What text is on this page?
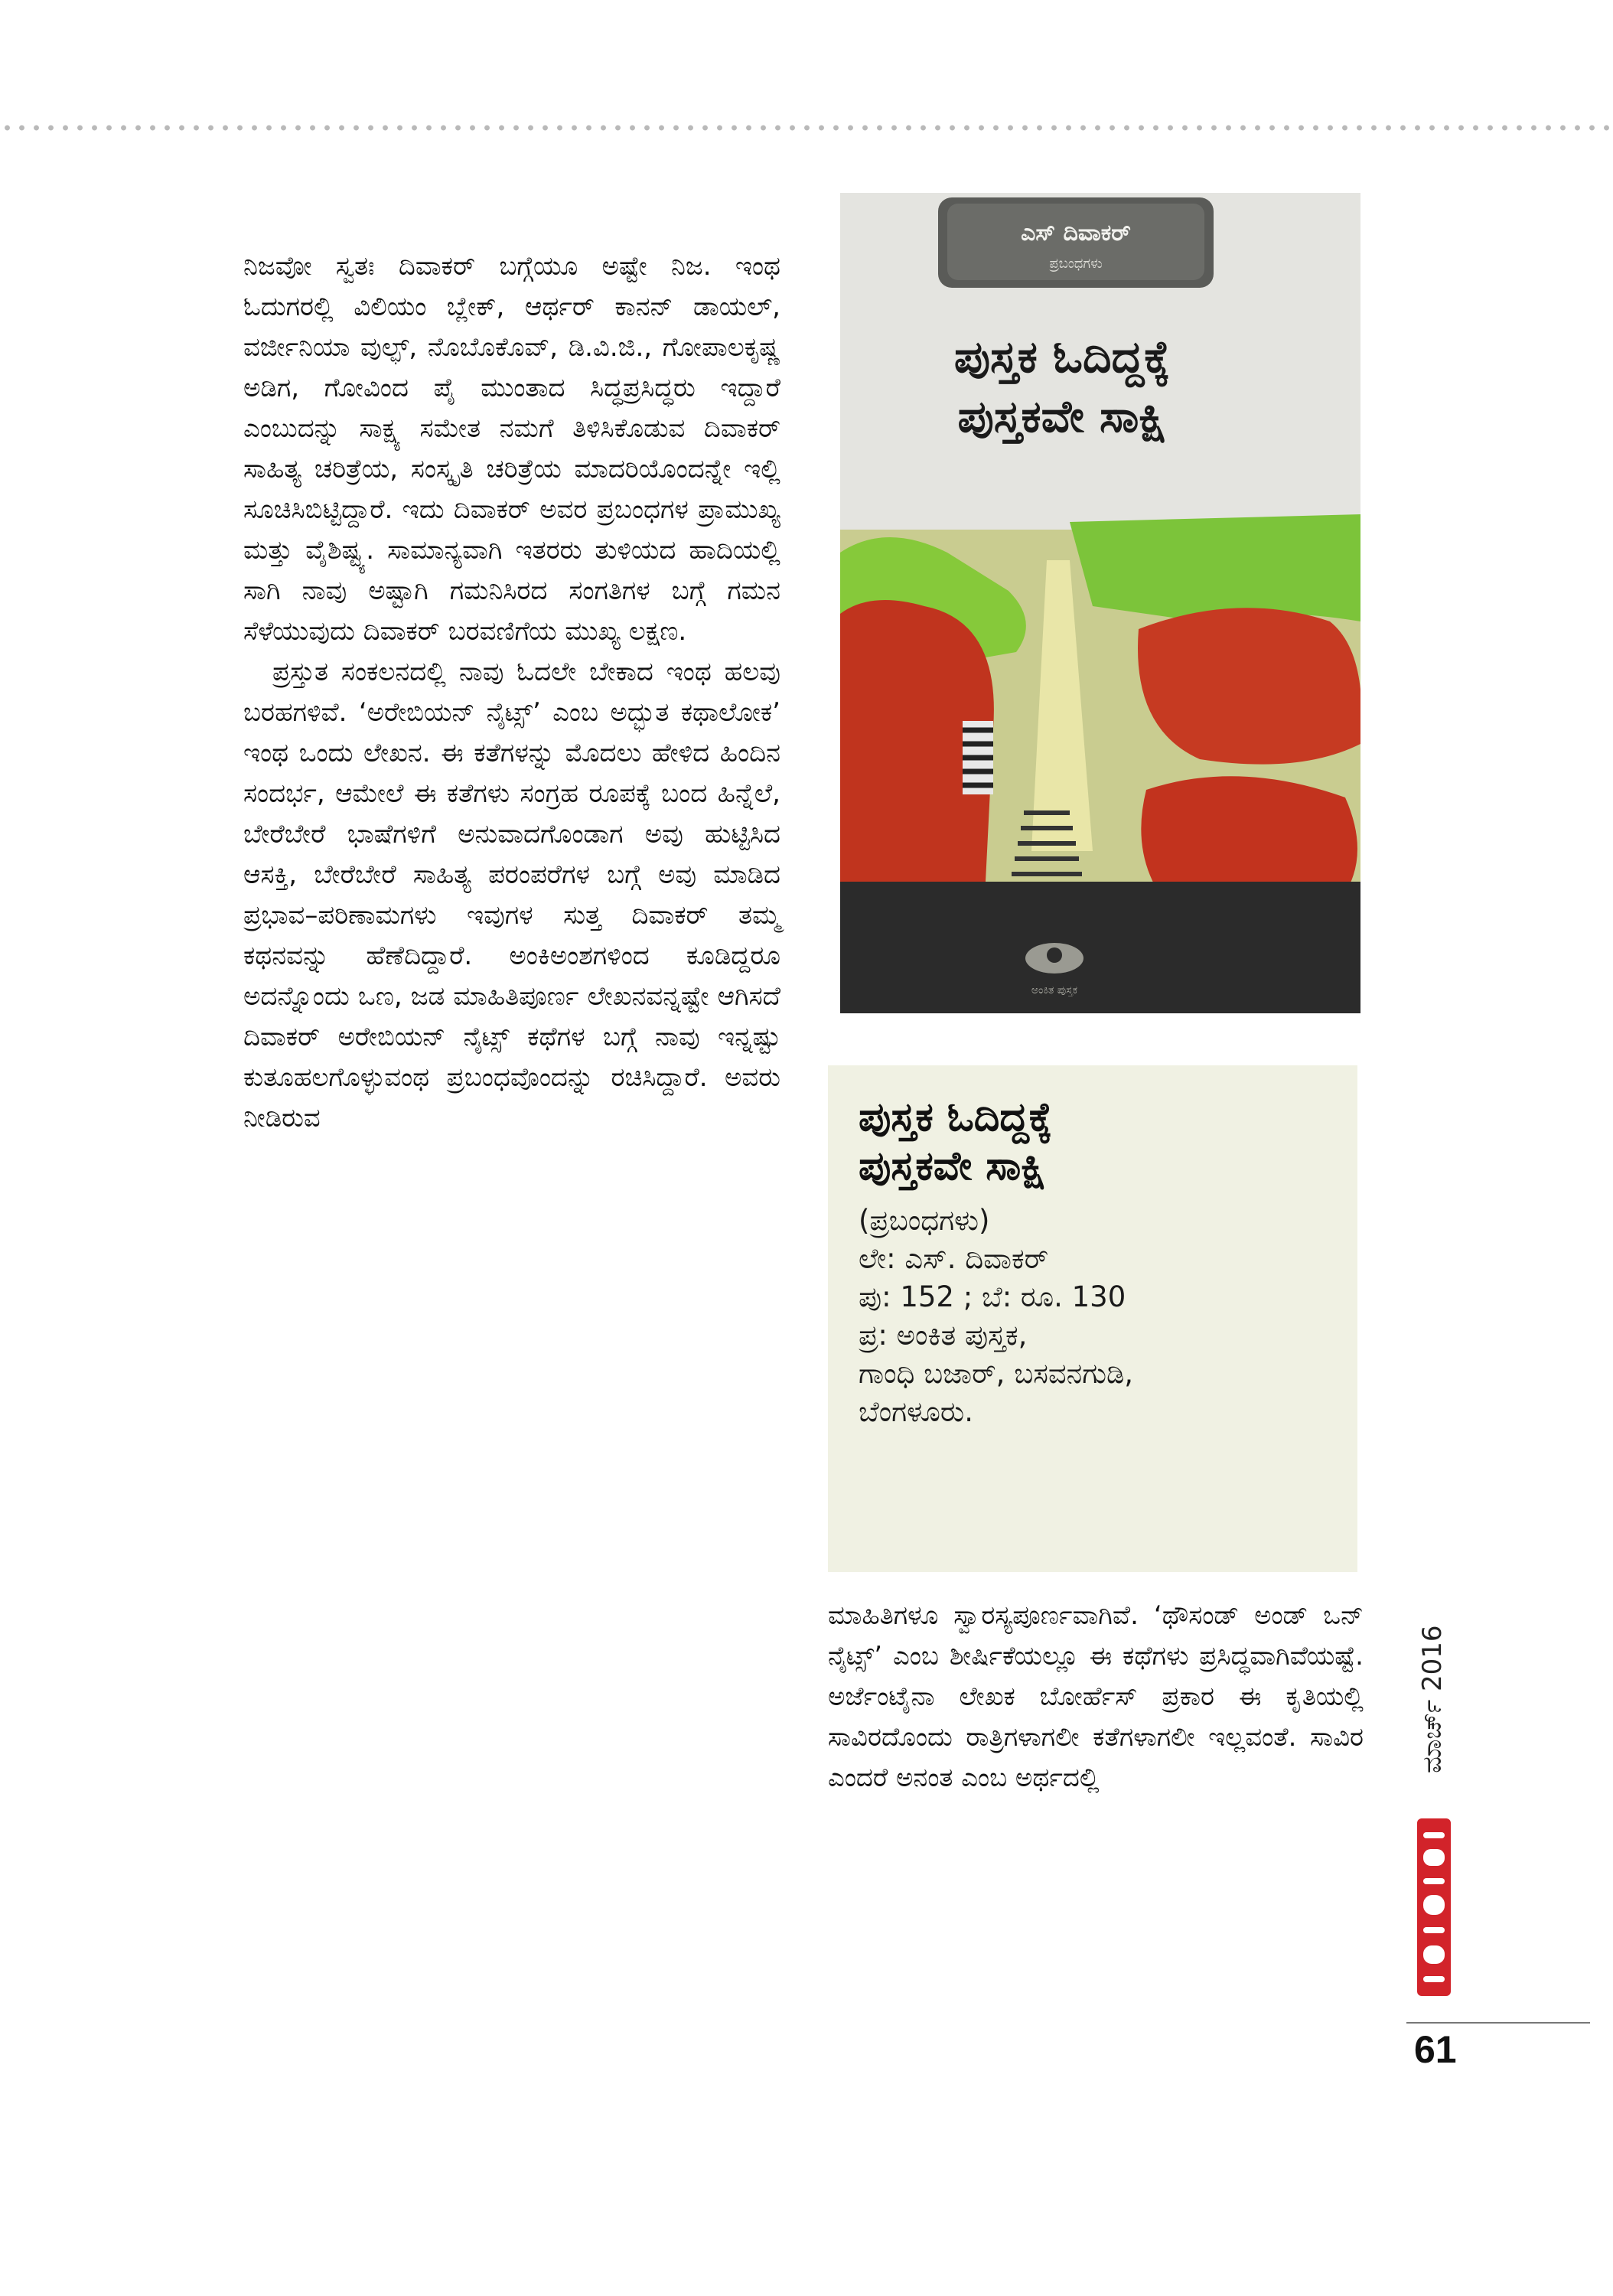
ನಿಜವೋ ಸ್ವತಃ ದಿವಾಕರ್ ಬಗ್ಗೆಯೂ ಅಷ್ಟೇ ನಿಜ. ಇಂಥ ಓದುಗರಲ್ಲಿ ವಿಲಿಯಂ ಬ್ಲೇಕ್, ಆರ್ಥರ್ ಕಾನನ್ ಡಾಯಲ್, ವರ್ಜೀನಿಯಾ ವುಲ್ಫ್, ನೊಬೊಕೊವ್, ಡಿ.ವಿ.ಜಿ., ಗೋಪಾಲಕೃಷ್ಣ ಅಡಿಗ, ಗೋವಿಂದ ಪೈ ಮುಂತಾದ ಸಿದ್ಧಪ್ರಸಿದ್ಧರು ಇದ್ದಾರೆ ಎಂಬುದನ್ನು ಸಾಕ್ಷ್ಯ ಸಮೇತ ನಮಗೆ ತಿಳಿಸಿಕೊಡುವ ದಿವಾಕರ್ ಸಾಹಿತ್ಯ ಚರಿತ್ರೆಯ, ಸಂಸ್ಕೃತಿ ಚರಿತ್ರೆಯ ಮಾದರಿಯೊಂದನ್ನೇ ಇಲ್ಲಿ ಸೂಚಿಸಿಬಿಟ್ಟಿದ್ದಾರೆ. ಇದು ದಿವಾಕರ್ ಅವರ ಪ್ರಬಂಧಗಳ ಪ್ರಾಮುಖ್ಯ ಮತ್ತು ವೈಶಿಷ್ಟ್ಯ. ಸಾಮಾನ್ಯವಾಗಿ ಇತರರು ತುಳಿಯದ ಹಾದಿಯಲ್ಲಿ ಸಾಗಿ ನಾವು ಅಷ್ಟಾಗಿ ಗಮನಿಸಿರದ ಸಂಗತಿಗಳ ಬಗ್ಗೆ ಗಮನ ಸೆಳೆಯುವುದು ದಿವಾಕರ್ ಬರವಣಿಗೆಯ ಮುಖ್ಯ ಲಕ್ಷಣ.

ಪ್ರಸ್ತುತ ಸಂಕಲನದಲ್ಲಿ ನಾವು ಓದಲೇ ಬೇಕಾದ ಇಂಥ ಹಲವು ಬರಹಗಳಿವೆ. ‘ಅರೇಬಿಯನ್ ನೈಟ್ಸ್’ ಎಂಬ ಅದ್ಭುತ ಕಥಾಲೋಕ’ ಇಂಥ ಒಂದು ಲೇಖನ. ಈ ಕತೆಗಳನ್ನು ಮೊದಲು ಹೇಳಿದ ಹಿಂದಿನ ಸಂದರ್ಭ, ಆಮೇಲೆ ಈ ಕತೆಗಳು ಸಂಗ್ರಹ ರೂಪಕ್ಕೆ ಬಂದ ಹಿನ್ನೆಲೆ, ಬೇರೆಬೇರೆ ಭಾಷೆಗಳಿಗೆ ಅನುವಾದಗೊಂಡಾಗ ಅವು ಹುಟ್ಟಿಸಿದ ಆಸಕ್ತಿ, ಬೇರೆಬೇರೆ ಸಾಹಿತ್ಯ ಪರಂಪರೆಗಳ ಬಗ್ಗೆ ಅವು ಮಾಡಿದ ಪ್ರಭಾವ–ಪರಿಣಾಮಗಳು ಇವುಗಳ ಸುತ್ತ ದಿವಾಕರ್ ತಮ್ಮ ಕಥನವನ್ನು ಹೆಣೆದಿದ್ದಾರೆ. ಅಂಕಿಅಂಶಗಳಿಂದ ಕೂಡಿದ್ದರೂ ಅದನ್ನೊಂದು ಒಣ, ಜಡ ಮಾಹಿತಿಪೂರ್ಣ ಲೇಖನವನ್ನಷ್ಟೇ ಆಗಿಸದೆ ದಿವಾಕರ್ ಅರೇಬಿಯನ್ ನೈಟ್ಸ್ ಕಥೆಗಳ ಬಗ್ಗೆ ನಾವು ಇನ್ನಷ್ಟು ಕುತೂಹಲಗೊಳ್ಳುವಂಥ ಪ್ರಬಂಧವೊಂದನ್ನು ರಚಿಸಿದ್ದಾರೆ. ಅವರು ನೀಡಿರುವ

ಎಸ್ ದಿವಾಕರ್
ಪ್ರಬಂಧಗಳು
ಪುಸ್ತಕ ಓದಿದ್ದಕ್ಕೆ
ಪುಸ್ತಕವೇ ಸಾಕ್ಷಿ
ಅಂಕಿತ ಪುಸ್ತಕ
ಪುಸ್ತಕ ಓದಿದ್ದಕ್ಕೆ
ಪುಸ್ತಕವೇ ಸಾಕ್ಷಿ

(ಪ್ರಬಂಧಗಳು)

ಲೇ: ಎಸ್. ದಿವಾಕರ್

ಪು: 152 ; ಬೆ: ರೂ. 130

ಪ್ರ: ಅಂಕಿತ ಪುಸ್ತಕ,

ಗಾಂಧಿ ಬಜಾರ್, ಬಸವನಗುಡಿ,

ಬೆಂಗಳೂರು.

ಮಾಹಿತಿಗಳೂ ಸ್ವಾರಸ್ಯಪೂರ್ಣವಾಗಿವೆ. ‘ಥೌಸಂಡ್ ಅಂಡ್ ಒನ್ ನೈಟ್ಸ್’ ಎಂಬ ಶೀರ್ಷಿಕೆಯಲ್ಲೂ ಈ ಕಥೆಗಳು ಪ್ರಸಿದ್ಧವಾಗಿವೆಯಷ್ಟೆ. ಅರ್ಜೆಂಟೈನಾ ಲೇಖಕ ಬೋರ್ಹೆಸ್ ಪ್ರಕಾರ ಈ ಕೃತಿಯಲ್ಲಿ ಸಾವಿರದೊಂದು ರಾತ್ರಿಗಳಾಗಲೀ ಕತೆಗಳಾಗಲೀ ಇಲ್ಲವಂತೆ. ಸಾವಿರ ಎಂದರೆ ಅನಂತ ಎಂಬ ಅರ್ಥದಲ್ಲಿ

ಮಾರ್ಚ್ 2016
61
